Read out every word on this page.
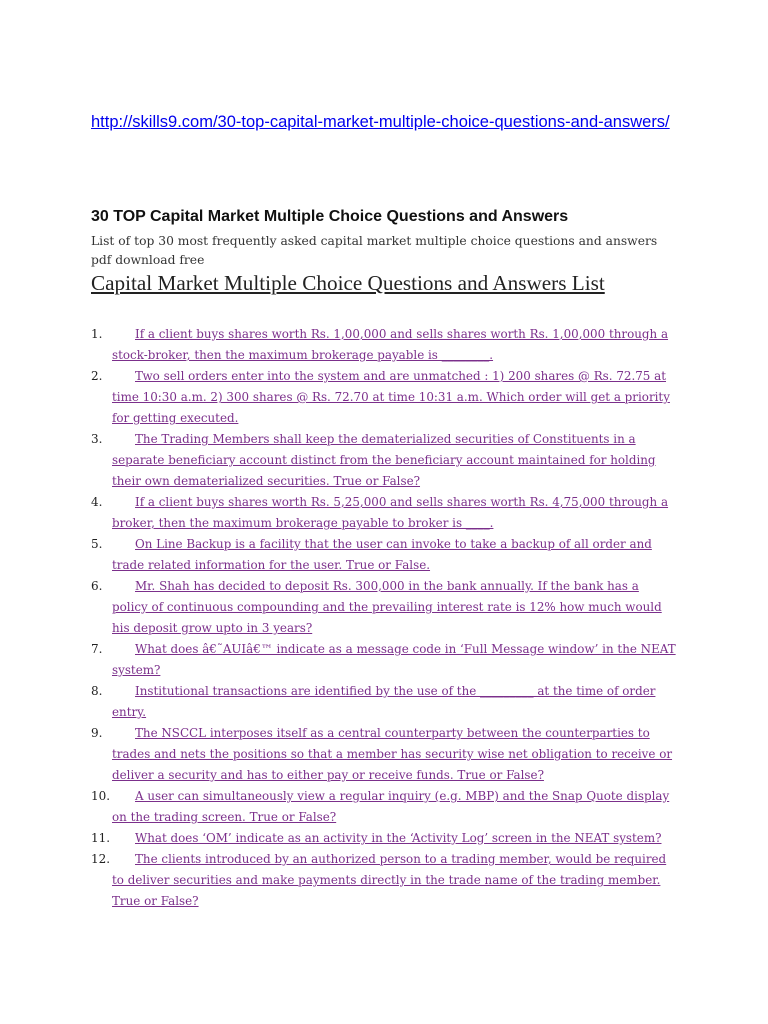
http://skills9.com/30-top-capital-market-multiple-choice-questions-and-answers/
30 TOP Capital Market Multiple Choice Questions and Answers
List of top 30 most frequently asked capital market multiple choice questions and answers pdf download free
Capital Market Multiple Choice Questions and Answers List
1.	If a client buys shares worth Rs. 1,00,000 and sells shares worth Rs. 1,00,000 through a stock-broker, then the maximum brokerage payable is ________.
2.	Two sell orders enter into the system and are unmatched : 1) 200 shares @ Rs. 72.75 at time 10:30 a.m. 2) 300 shares @ Rs. 72.70 at time 10:31 a.m. Which order will get a priority for getting executed.
3.	The Trading Members shall keep the dematerialized securities of Constituents in a separate beneficiary account distinct from the beneficiary account maintained for holding their own dematerialized securities. True or False?
4.	If a client buys shares worth Rs. 5,25,000 and sells shares worth Rs. 4,75,000 through a broker, then the maximum brokerage payable to broker is ____.
5.	On Line Backup is a facility that the user can invoke to take a backup of all order and trade related information for the user. True or False.
6.	Mr. Shah has decided to deposit Rs. 300,000 in the bank annually. If the bank has a policy of continuous compounding and the prevailing interest rate is 12% how much would his deposit grow upto in 3 years?
7.	What does â€˜AUIâ€™ indicate as a message code in ‘Full Message window’ in the NEAT system?
8.	Institutional transactions are identified by the use of the _________ at the time of order entry.
9.	The NSCCL interposes itself as a central counterparty between the counterparties to trades and nets the positions so that a member has security wise net obligation to receive or deliver a security and has to either pay or receive funds. True or False?
10.	A user can simultaneously view a regular inquiry (e.g. MBP) and the Snap Quote display on the trading screen. True or False?
11.	What does ‘OM’ indicate as an activity in the ‘Activity Log’ screen in the NEAT system?
12.	The clients introduced by an authorized person to a trading member, would be required to deliver securities and make payments directly in the trade name of the trading member. True or False?
